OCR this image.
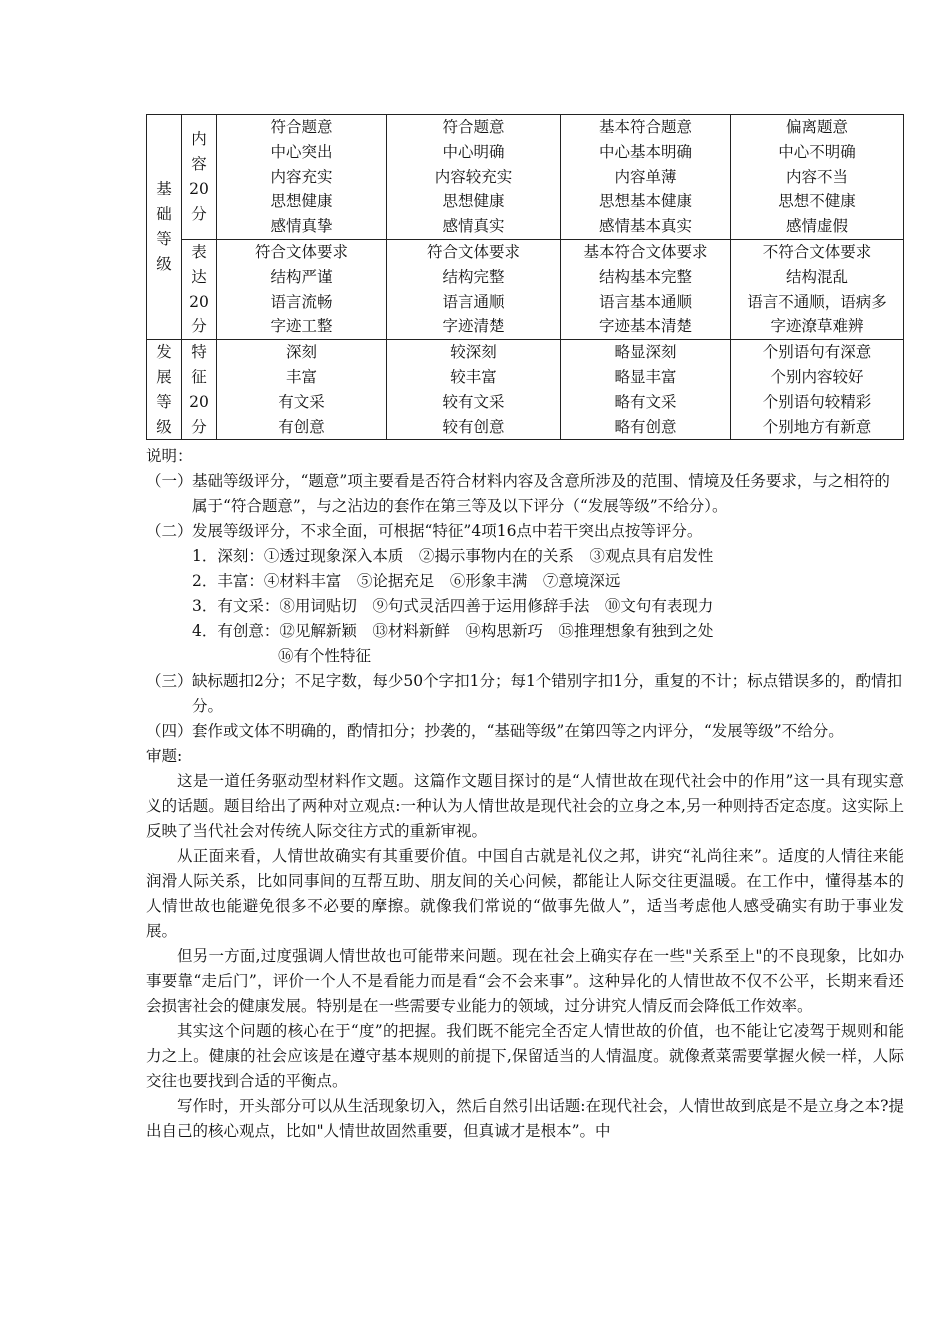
基
础
等
级	内
容
20
分	符合题意
中心突出
内容充实
思想健康
感情真挚	符合题意
中心明确
内容较充实
思想健康
感情真实	基本符合题意
中心基本明确
内容单薄
思想基本健康
感情基本真实	偏离题意
中心不明确
内容不当
思想不健康
感情虚假

	表
达
20
分	符合文体要求
结构严谨
语言流畅
字迹工整	符合文体要求
结构完整
语言通顺
字迹清楚	基本符合文体要求
结构基本完整
语言基本通顺
字迹基本清楚	不符合文体要求
结构混乱
语言不通顺，语病多
字迹潦草难辨

发
展
等
级	特
征
20
分	深刻
丰富
有文采
有创意	较深刻
较丰富
较有文采
较有创意	略显深刻
略显丰富
略有文采
略有创意	个别语句有深意
个别内容较好
个别语句较精彩
个别地方有新意

说明：

（一） 基础等级评分，“题意”项主要看是否符合材料内容及含意所涉及的范围、情境及任务要求，与之相符的属于“符合题意”，与之沾边的套作在第三等及以下评分（“发展等级”不给分）。

（二） 发展等级评分，不求全面，可根据“特征”4项16点中若干突出点按等评分。

1．深刻：①透过现象深入本质　②揭示事物内在的关系　③观点具有启发性

2．丰富：④材料丰富　⑤论据充足　⑥形象丰满　⑦意境深远

3．有文采：⑧用词贴切　⑨句式灵活四善于运用修辞手法　⑩文句有表现力

4．有创意：⑫见解新颖　⑬材料新鲜　⑭构思新巧　⑮推理想象有独到之处

⑯有个性特征

（三） 缺标题扣2分；不足字数，每少50个字扣1分；每1个错别字扣1分，重复的不计；标点错误多的，酌情扣分。

（四） 套作或文体不明确的，酌情扣分；抄袭的，“基础等级”在第四等之内评分，“发展等级”不给分。

审题:

这是一道任务驱动型材料作文题。这篇作文题目探讨的是“人情世故在现代社会中的作用”这一具有现实意义的话题。题目给出了两种对立观点:一种认为人情世故是现代社会的立身之本,另一种则持否定态度。这实际上反映了当代社会对传统人际交往方式的重新审视。

从正面来看，人情世故确实有其重要价值。中国自古就是礼仪之邦，讲究“礼尚往来”。适度的人情往来能润滑人际关系，比如同事间的互帮互助、朋友间的关心问候，都能让人际交往更温暖。在工作中，懂得基本的人情世故也能避免很多不必要的摩擦。就像我们常说的“做事先做人”，适当考虑他人感受确实有助于事业发展。

但另一方面,过度强调人情世故也可能带来问题。现在社会上确实存在一些"关系至上"的不良现象，比如办事要靠“走后门”，评价一个人不是看能力而是看“会不会来事”。这种异化的人情世故不仅不公平，长期来看还会损害社会的健康发展。特别是在一些需要专业能力的领域，过分讲究人情反而会降低工作效率。

其实这个问题的核心在于“度”的把握。我们既不能完全否定人情世故的价值，也不能让它凌驾于规则和能力之上。健康的社会应该是在遵守基本规则的前提下,保留适当的人情温度。就像煮菜需要掌握火候一样，人际交往也要找到合适的平衡点。

写作时，开头部分可以从生活现象切入，然后自然引出话题:在现代社会，人情世故到底是不是立身之本?提出自己的核心观点，比如"人情世故固然重要，但真诚才是根本”。中
